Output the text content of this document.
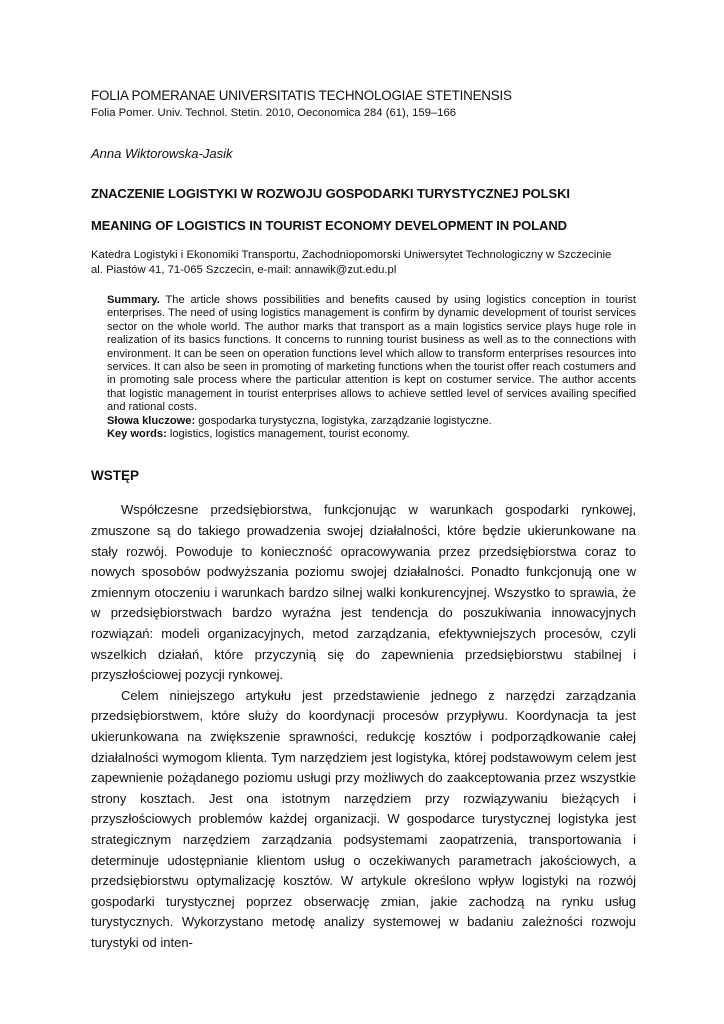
FOLIA POMERANAE UNIVERSITATIS TECHNOLOGIAE STETINENSIS

Folia Pomer. Univ. Technol. Stetin. 2010, Oeconomica 284 (61), 159–166

Anna Wiktorowska-Jasik

ZNACZENIE LOGISTYKI W ROZWOJU GOSPODARKI TURYSTYCZNEJ POLSKI

MEANING OF LOGISTICS IN TOURIST ECONOMY DEVELOPMENT IN POLAND

Katedra Logistyki i Ekonomiki Transportu, Zachodniopomorski Uniwersytet Technologiczny w Szczecinie
al. Piastów 41, 71-065 Szczecin, e-mail: annawik@zut.edu.pl

Summary. The article shows possibilities and benefits caused by using logistics conception in tourist enterprises. The need of using logistics management is confirm by dynamic development of tourist services sector on the whole world. The author marks that transport as a main logistics service plays huge role in realization of its basics functions. It concerns to running tourist business as well as to the connections with environment. It can be seen on operation functions level which allow to transform enterprises resources into services. It can also be seen in promoting of marketing functions when the tourist offer reach costumers and in promoting sale process where the particular attention is kept on costumer service. The author accents that logistic management in tourist enterprises allows to achieve settled level of services availing specified and rational costs.

Słowa kluczowe: gospodarka turystyczna, logistyka, zarządzanie logistyczne.

Key words: logistics, logistics management, tourist economy.

WSTĘP

Współczesne przedsiębiorstwa, funkcjonując w warunkach gospodarki rynkowej, zmuszone są do takiego prowadzenia swojej działalności, które będzie ukierunkowane na stały rozwój. Powoduje to konieczność opracowywania przez przedsiębiorstwa coraz to nowych sposobów podwyższania poziomu swojej działalności. Ponadto funkcjonują one w zmiennym otoczeniu i warunkach bardzo silnej walki konkurencyjnej. Wszystko to sprawia, że w przedsiębiorstwach bardzo wyraźna jest tendencja do poszukiwania innowacyjnych rozwiązań: modeli organizacyjnych, metod zarządzania, efektywniejszych procesów, czyli wszelkich działań, które przyczynią się do zapewnienia przedsiębiorstwu stabilnej i przyszłościowej pozycji rynkowej.

Celem niniejszego artykułu jest przedstawienie jednego z narzędzi zarządzania przedsiębiorstwem, które służy do koordynacji procesów przypływu. Koordynacja ta jest ukierunkowana na zwiększenie sprawności, redukcję kosztów i podporządkowanie całej działalności wymogom klienta. Tym narzędziem jest logistyka, której podstawowym celem jest zapewnienie pożądanego poziomu usługi przy możliwych do zaakceptowania przez wszystkie strony kosztach. Jest ona istotnym narzędziem przy rozwiązywaniu bieżących i przyszłościowych problemów każdej organizacji. W gospodarce turystycznej logistyka jest strategicznym narzędziem zarządzania podsystemami zaopatrzenia, transportowania i determinuje udostępnianie klientom usług o oczekiwanych parametrach jakościowych, a przedsiębiorstwu optymalizację kosztów. W artykule określono wpływ logistyki na rozwój gospodarki turystycznej poprzez obserwację zmian, jakie zachodzą na rynku usług turystycznych. Wykorzystano metodę analizy systemowej w badaniu zależności rozwoju turystyki od inten-
